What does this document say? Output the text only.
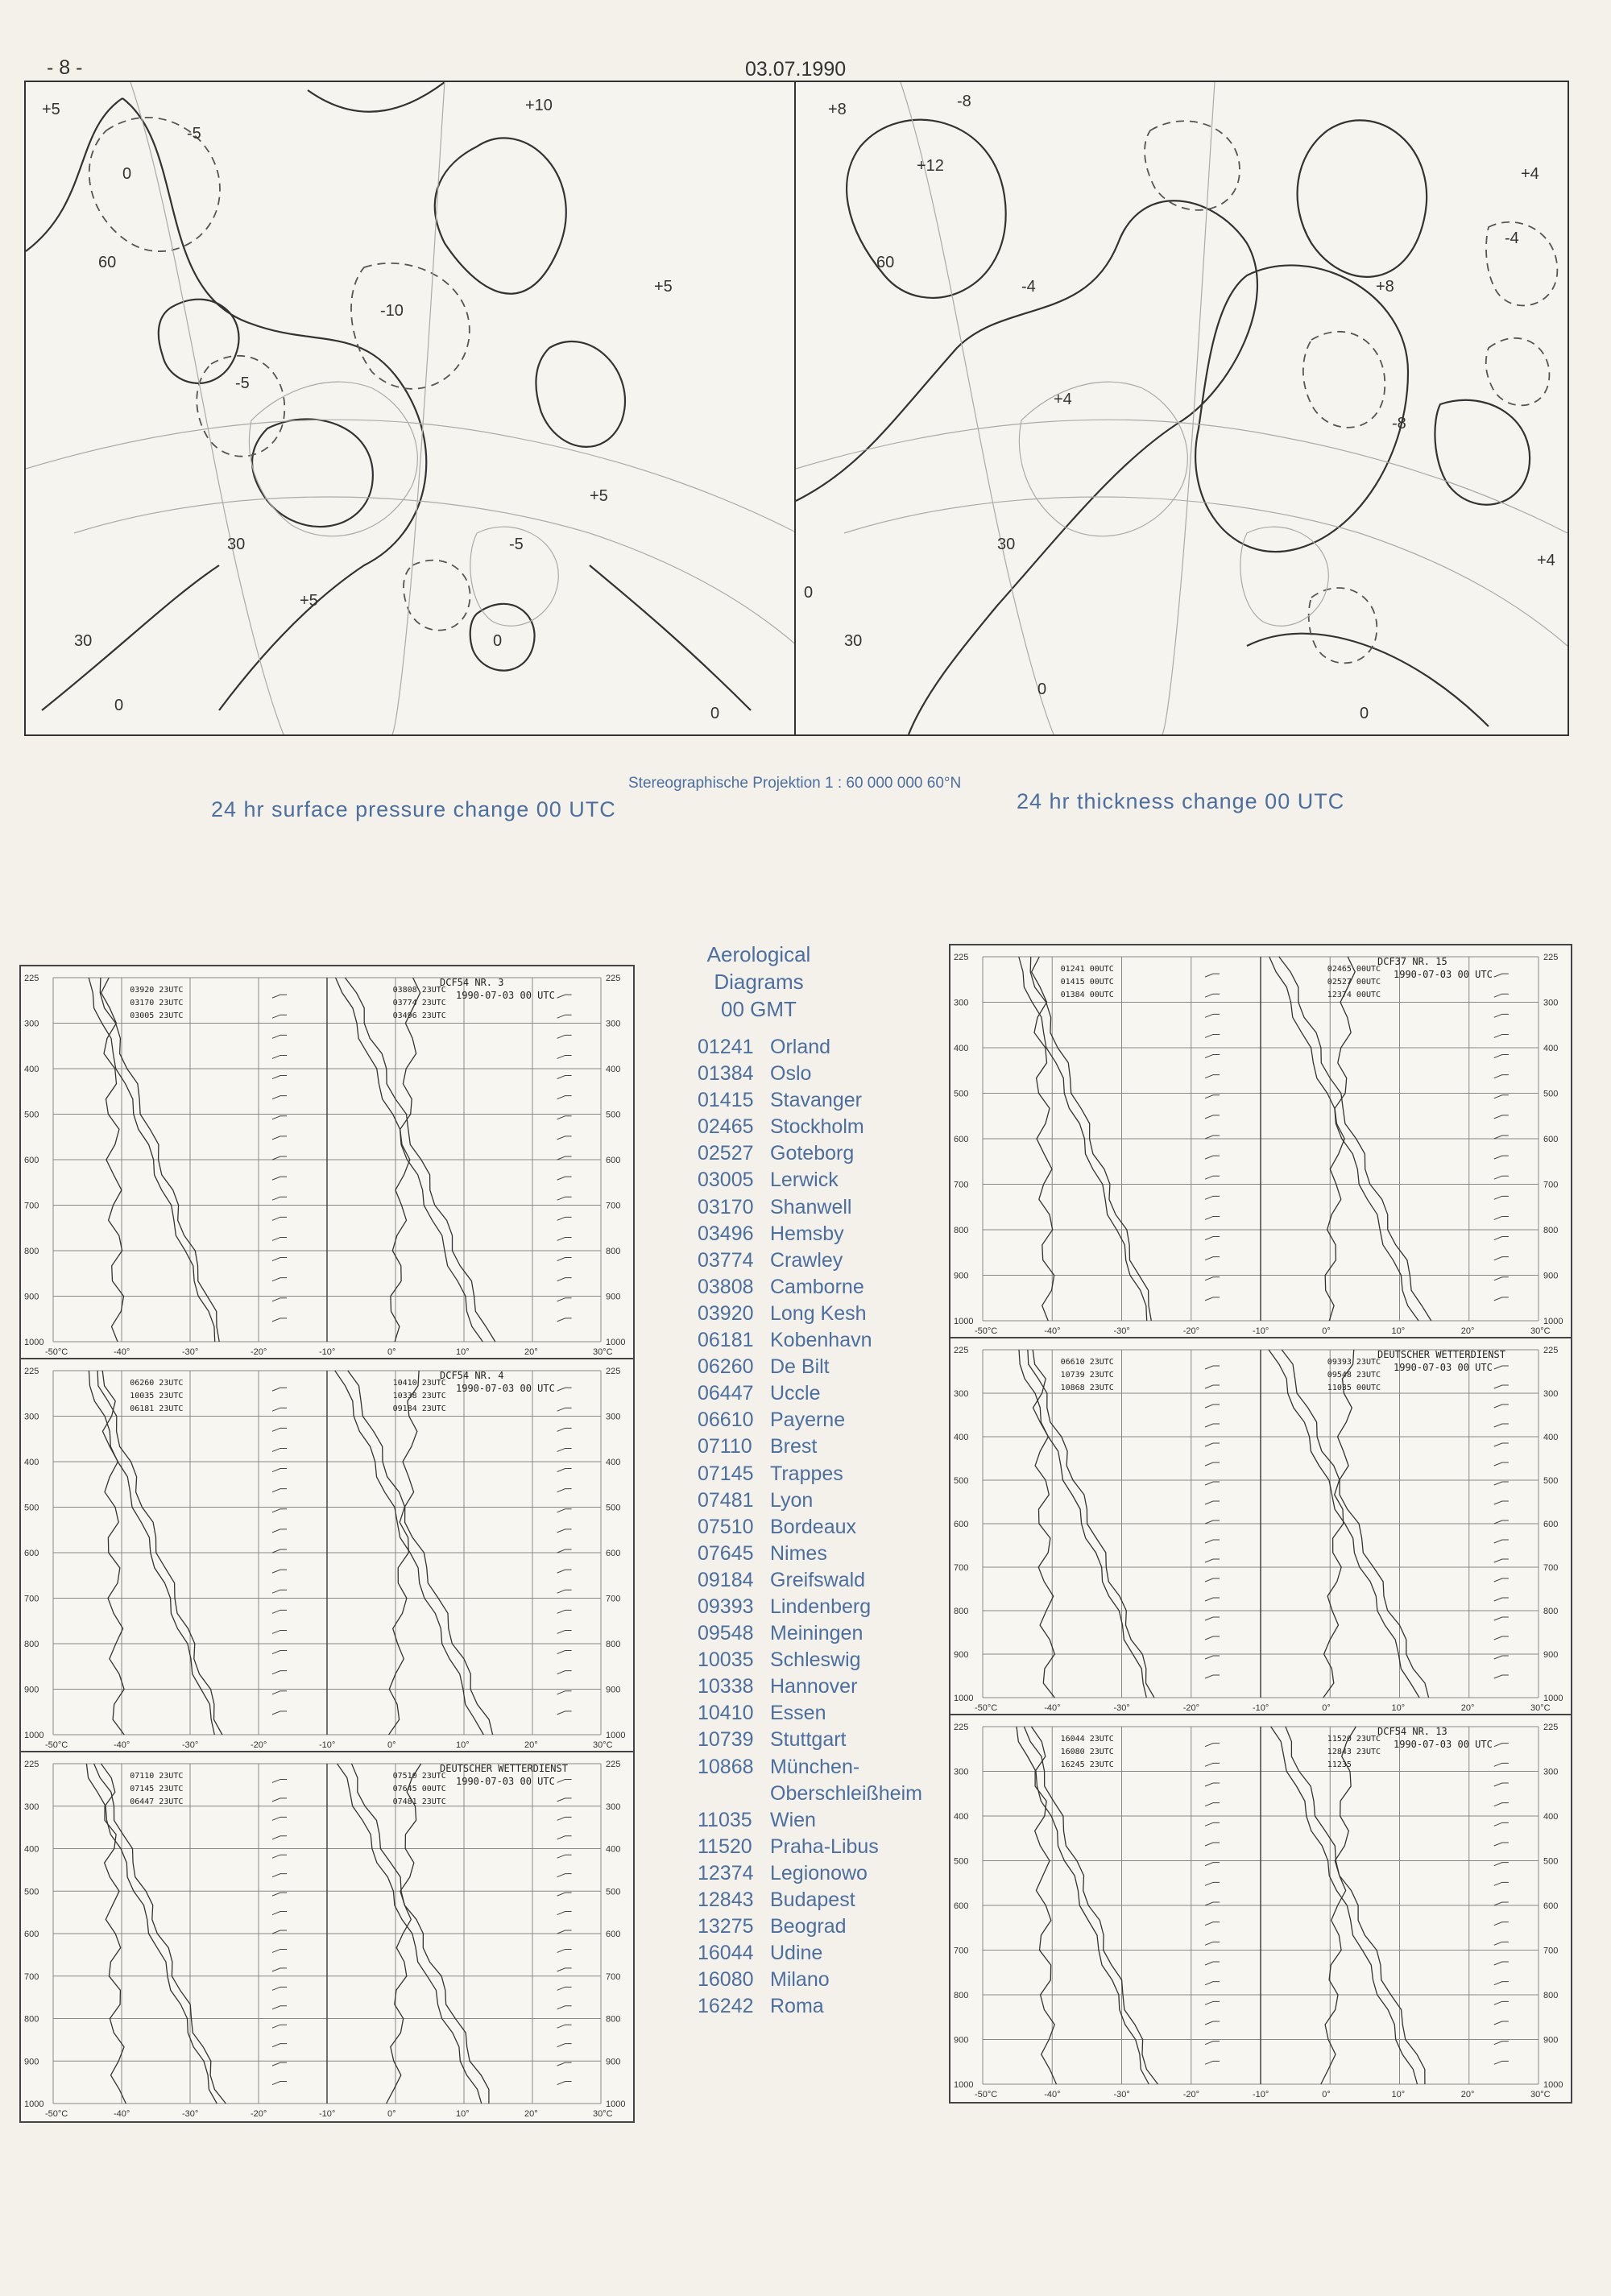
- 8 -	03.07.1990
+5
-5
+10
-10
+5
-5
0
60
30
30
0
+5
-5
+5
0
0
+8	-8
+12
-4
+4
+4
-8
-4
+8
60
30
30
0
0
0
+4
24 hr surface pressure change 00 UTC
Stereographische Projektion 1 : 60 000 000 60°N
24 hr thickness change 00 UTC
Aerological
Diagrams
00 GMT
01241 Orland
01384 Oslo
01415 Stavanger
02465 Stockholm
02527 Goteborg
03005 Lerwick
03170 Shanwell
03496 Hemsby
03774 Crawley
03808 Camborne
03920 Long Kesh
06181 Kobenhavn
06260 De Bilt
06447 Uccle
06610 Payerne
07110 Brest
07145 Trappes
07481 Lyon
07510 Bordeaux
07645 Nimes
09184 Greifswald
09393 Lindenberg
09548 Meiningen
10035 Schleswig
10338 Hannover
10410 Essen
10739 Stuttgart
10868 München-
Oberschleißheim
11035 Wien
11520 Praha-Libus
12374 Legionowo
12843 Budapest
13275 Beograd
16044 Udine
16080 Milano
16242 Roma
-50°C	-40°	-30°	-20°	-10°	0°	10°	20°	30°C
225	225
300	300
400	400
500	500
600	600
700	700
800	800
900	900
1000	1000
03920 23UTC
03170 23UTC
03005 23UTC
03808 23UTC
03774 23UTC
03496 23UTC
DCF54 NR. 3
1990-07-03 00 UTC
-50°C	-40°	-30°	-20°	-10°	0°	10°	20°	30°C
225	225
300	300
400	400
500	500
600	600
700	700
800	800
900	900
1000	1000
06260 23UTC
10035 23UTC
06181 23UTC
10410 23UTC
10338 23UTC
09184 23UTC
DCF54 NR. 4
1990-07-03 00 UTC
-50°C	-40°	-30°	-20°	-10°	0°	10°	20°	30°C
225	225
300	300
400	400
500	500
600	600
700	700
800	800
900	900
1000	1000
07110 23UTC
07145 23UTC
06447 23UTC
07510 23UTC
07645 00UTC
07481 23UTC
DEUTSCHER WETTERDIENST
1990-07-03 00 UTC
-50°C	-40°	-30°	-20°	-10°	0°	10°	20°	30°C
225	225
300	300
400	400
500	500
600	600
700	700
800	800
900	900
1000	1000
01241 00UTC
01415 00UTC
01384 00UTC
02465 00UTC
02527 00UTC
12374 00UTC
DCF37 NR. 15
1990-07-03 00 UTC
-50°C	-40°	-30°	-20°	-10°	0°	10°	20°	30°C
225	225
300	300
400	400
500	500
600	600
700	700
800	800
900	900
1000	1000
06610 23UTC
10739 23UTC
10868 23UTC
09393 23UTC
09548 23UTC
11035 00UTC
DEUTSCHER WETTERDIENST
1990-07-03 00 UTC
-50°C	-40°	-30°	-20°	-10°	0°	10°	20°	30°C
225	225
300	300
400	400
500	500
600	600
700	700
800	800
900	900
1000	1000
16044 23UTC
16080 23UTC
16245 23UTC
11520 23UTC
12843 23UTC
11235
DCF54 NR. 13
1990-07-03 00 UTC
